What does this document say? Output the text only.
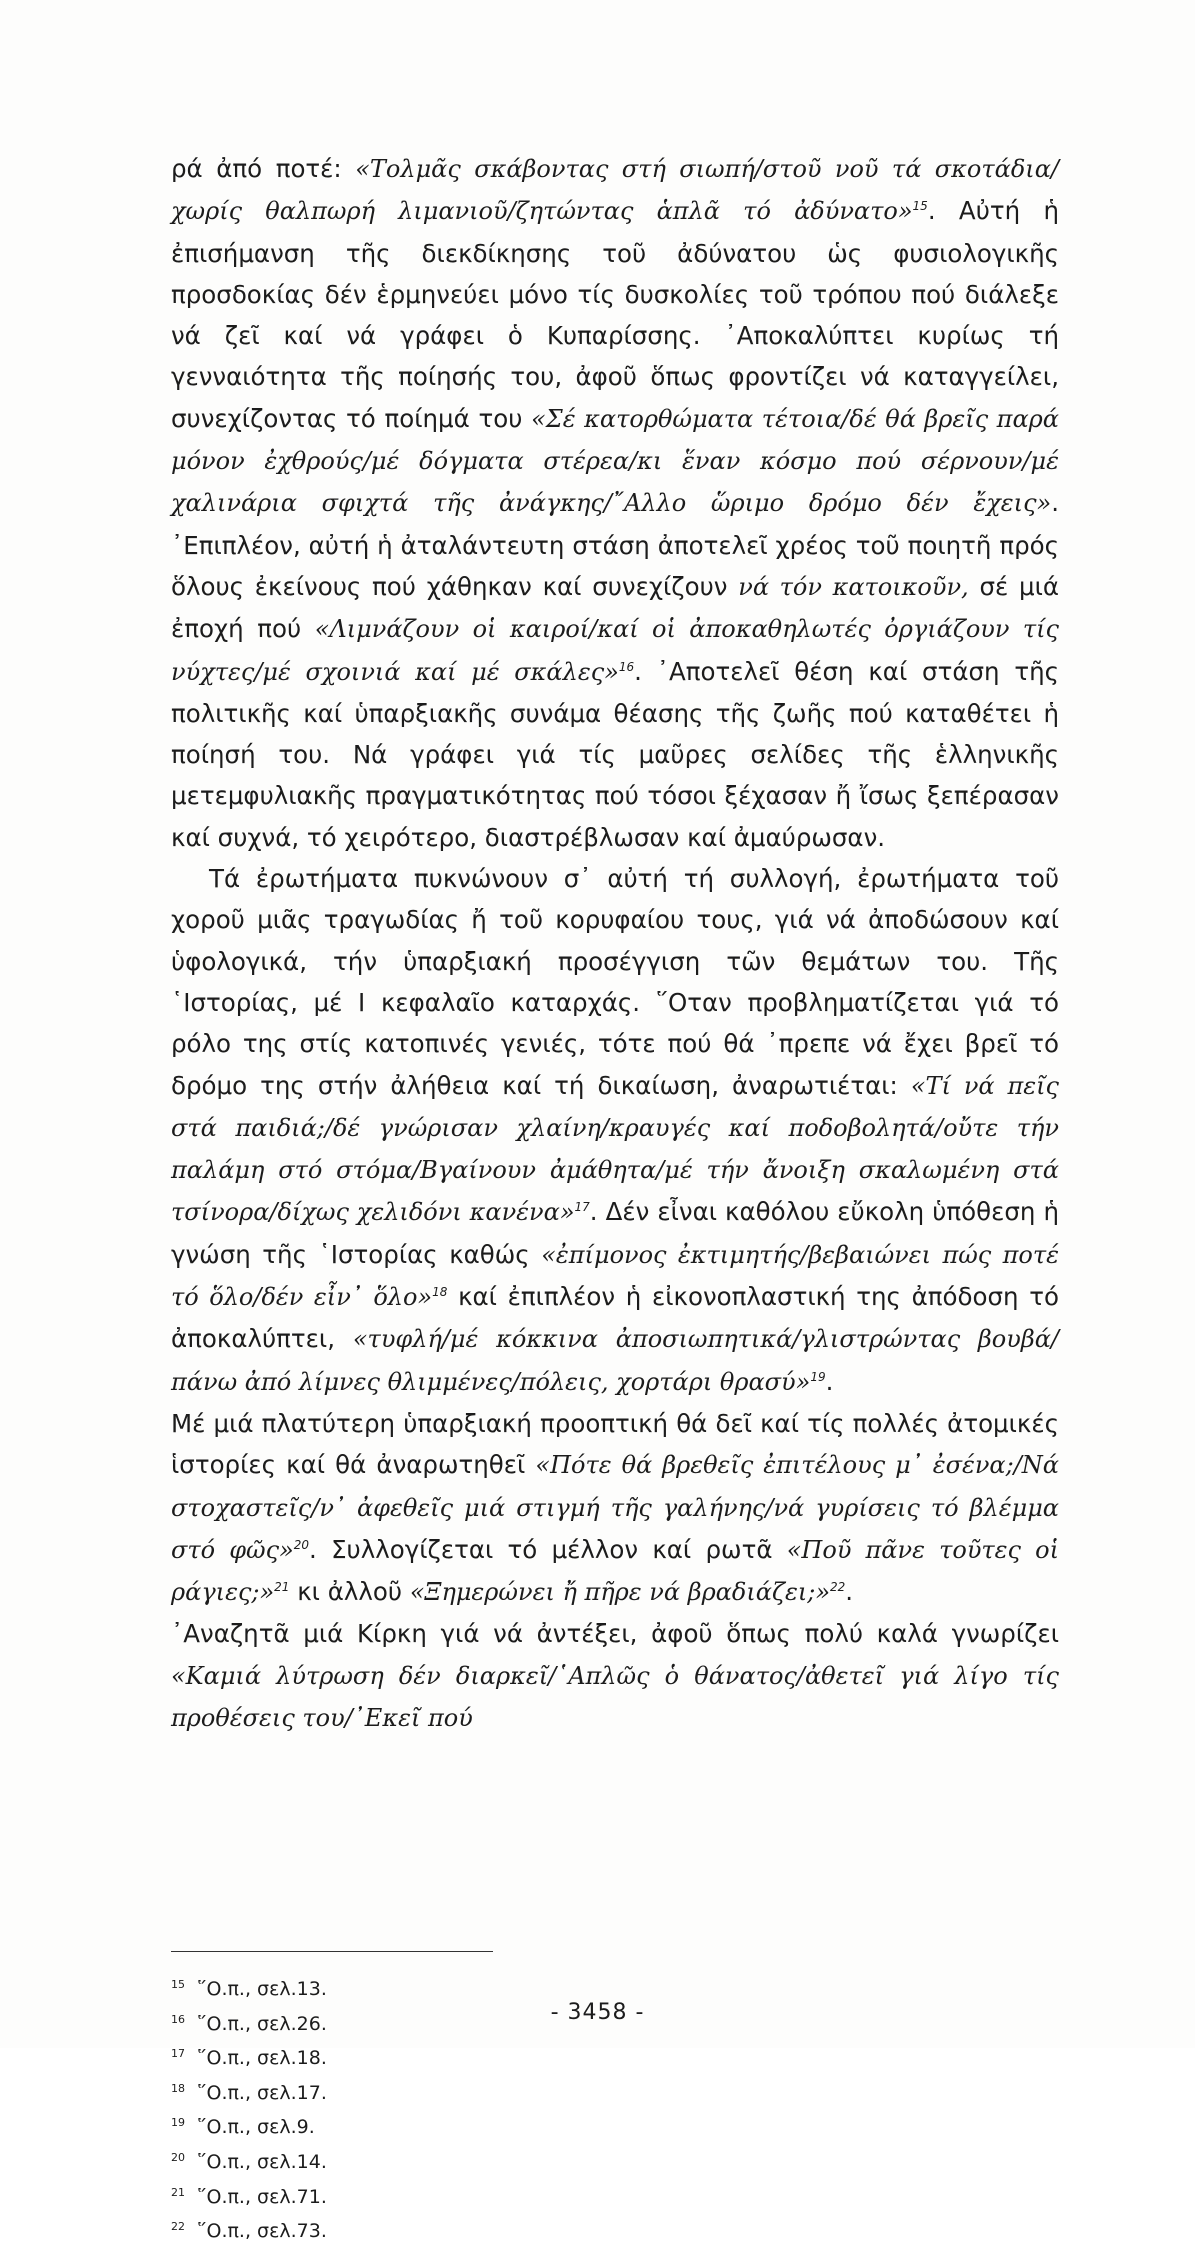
ρά ἀπό ποτέ: «Τολμᾶς σκάβοντας στή σιωπή/στοῦ νοῦ τά σκοτάδια/χωρίς θαλπωρή λιμανιοῦ/ζητώντας ἁπλᾶ τό ἀδύνατο»$^{15}$. Αὐτή ἡ ἐπισήμανση τῆς διεκδίκησης τοῦ ἀδύνατου ὡς φυσιολογικῆς προσδοκίας δέν ἑρμηνεύει μόνο τίς δυσκολίες τοῦ τρόπου πού διάλεξε νά ζεῖ καί νά γράφει ὁ Κυπαρίσσης. ᾿Αποκαλύπτει κυρίως τή γενναιότητα τῆς ποίησής του, ἀφοῦ ὅπως φροντίζει νά καταγγείλει, συνεχίζοντας τό ποίημά του «Σέ κατορθώματα τέτοια/δέ θά βρεῖς παρά μόνον ἐχθρούς/μέ δόγματα στέρεα/κι ἕναν κόσμο πού σέρνουν/μέ χαλινάρια σφιχτά τῆς ἀνάγκης/῎Αλλο ὥριμο δρόμο δέν ἔχεις». ᾿Επιπλέον, αὐτή ἡ ἀταλάντευτη στάση ἀποτελεῖ χρέος τοῦ ποιητῆ πρός ὅλους ἐκείνους πού χάθηκαν καί συνεχίζουν νά τόν κατοικοῦν, σέ μιά ἐποχή πού «Λιμνάζουν οἱ καιροί/καί οἱ ἀποκαθηλωτές ὀργιάζουν τίς νύχτες/μέ σχοινιά καί μέ σκάλες»$^{16}$. ᾿Αποτελεῖ θέση καί στάση τῆς πολιτικῆς καί ὑπαρξιακῆς συνάμα θέασης τῆς ζωῆς πού καταθέτει ἡ ποίησή του. Νά γράφει γιά τίς μαῦρες σελίδες τῆς ἑλληνικῆς μετεμφυλιακῆς πραγματικότητας πού τόσοι ξέχασαν ἤ ἴσως ξεπέρασαν καί συχνά, τό χειρότερο, διαστρέβλωσαν καί ἀμαύρωσαν.

Τά ἐρωτήματα πυκνώνουν σ᾿ αὐτή τή συλλογή, ἐρωτήματα τοῦ χοροῦ μιᾶς τραγωδίας ἤ τοῦ κορυφαίου τους, γιά νά ἀποδώσουν καί ὑφολογικά, τήν ὑπαρξιακή προσέγγιση τῶν θεμάτων του. Τῆς ῾Ιστορίας, μέ Ι κεφαλαῖο καταρχάς. ῞Οταν προβληματίζεται γιά τό ρόλο της στίς κατοπινές γενιές, τότε πού θά ᾿πρεπε νά ἔχει βρεῖ τό δρόμο της στήν ἀλήθεια καί τή δικαίωση, ἀναρωτιέται: «Τί νά πεῖς στά παιδιά;/δέ γνώρισαν χλαίνη/κραυγές καί ποδοβολητά/οὔτε τήν παλάμη στό στόμα/Βγαίνουν ἀμάθητα/μέ τήν ἄνοιξη σκαλωμένη στά τσίνορα/δίχως χελιδόνι κανένα»$^{17}$. Δέν εἶναι καθόλου εὔκολη ὑπόθεση ἡ γνώση τῆς ῾Ιστορίας καθώς «ἐπίμονος ἐκτιμητής/βεβαιώνει πώς ποτέ τό ὅλο/δέν εἶν᾿ ὅλο»$^{18}$ καί ἐπιπλέον ἡ εἰκονοπλαστική της ἀπόδοση τό ἀποκαλύπτει, «τυφλή/μέ κόκκινα ἀποσιωπητικά/γλιστρώντας βουβά/ πάνω ἀπό λίμνες θλιμμένες/πόλεις, χορτάρι θρασύ»$^{19}$.

Μέ μιά πλατύτερη ὑπαρξιακή προοπτική θά δεῖ καί τίς πολλές ἀτομικές ἱστορίες καί θά ἀναρωτηθεῖ «Πότε θά βρεθεῖς ἐπιτέλους μ᾿ ἐσένα;/Νά στοχαστεῖς/ν᾿ ἀφεθεῖς μιά στιγμή τῆς γαλήνης/νά γυρίσεις τό βλέμμα στό φῶς»$^{20}$. Συλλογίζεται τό μέλλον καί ρωτᾶ «Ποῦ πᾶνε τοῦτες οἱ ράγιες;»$^{21}$ κι ἀλλοῦ «Ξημερώνει ἤ πῆρε νά βραδιάζει;»$^{22}$.

᾿Αναζητᾶ μιά Κίρκη γιά νά ἀντέξει, ἀφοῦ ὅπως πολύ καλά γνωρίζει «Καμιά λύτρωση δέν διαρκεῖ/῾Απλῶς ὁ θάνατος/ἀθετεῖ γιά λίγο τίς προθέσεις του/᾿Εκεῖ πού

15 ῞Ο.π., σελ.13.
16 ῞Ο.π., σελ.26.
17 ῞Ο.π., σελ.18.
18 ῞Ο.π., σελ.17.
19 ῞Ο.π., σελ.9.
20 ῞Ο.π., σελ.14.
21 ῞Ο.π., σελ.71.
22 ῞Ο.π., σελ.73.
- 3458 -
